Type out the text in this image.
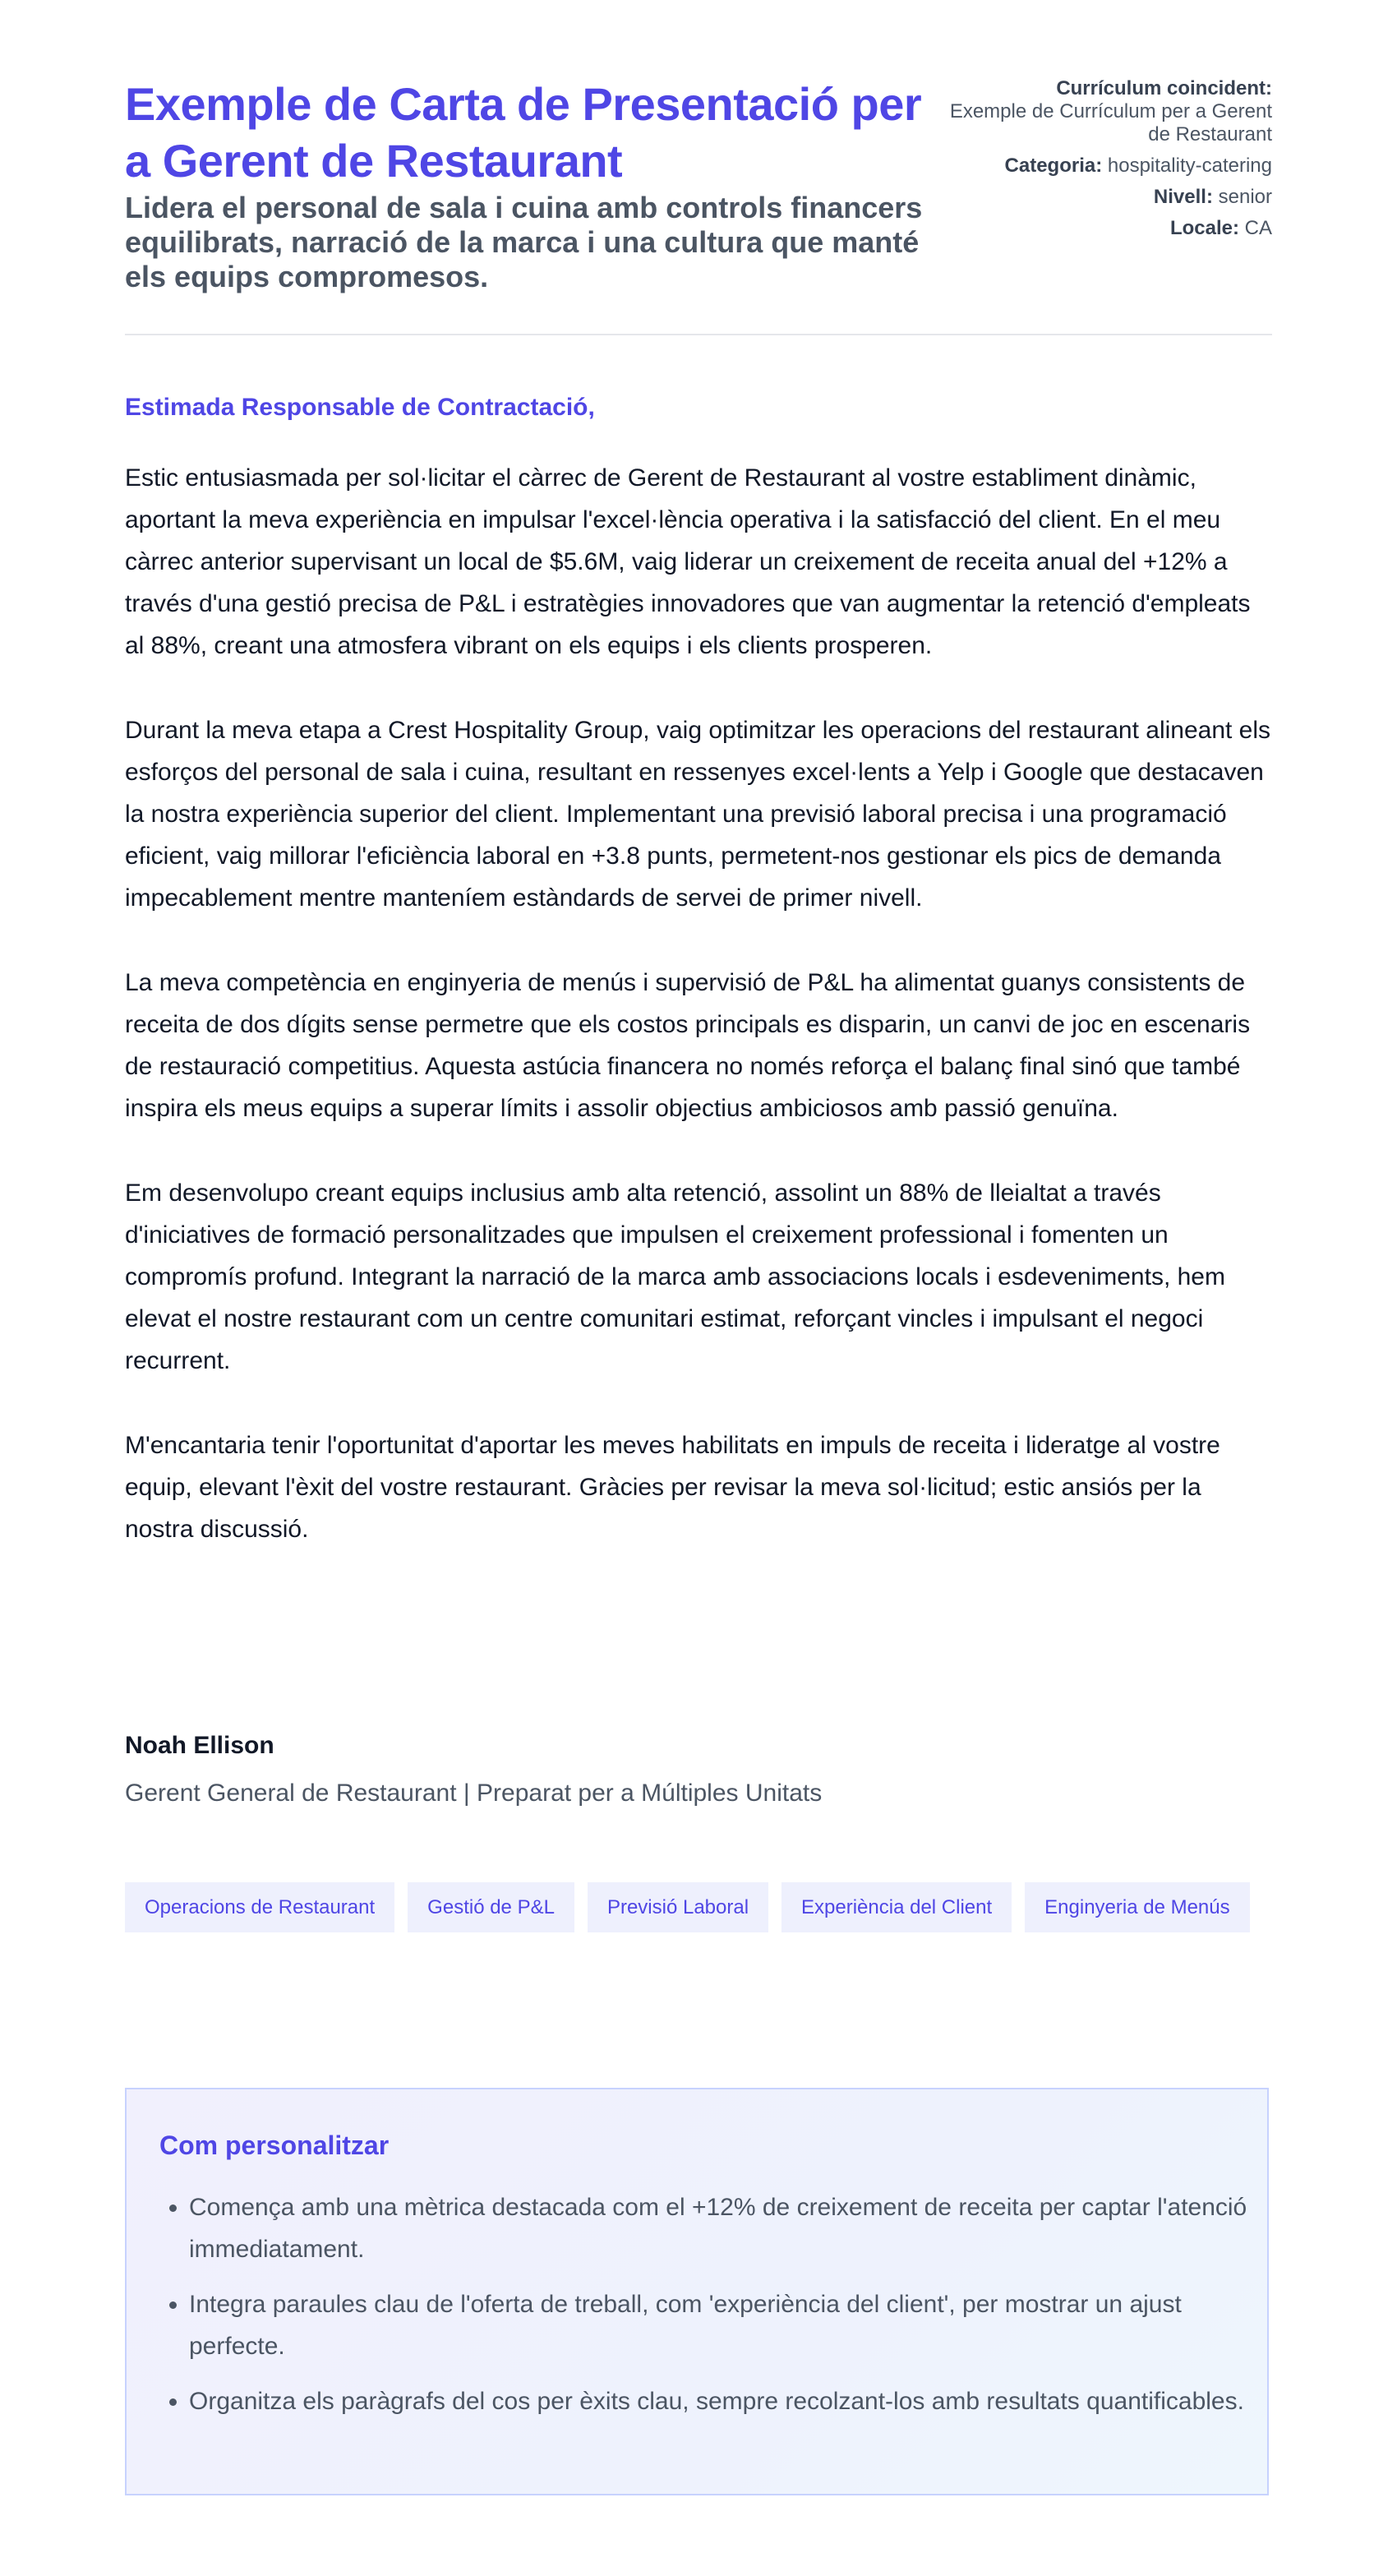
Exemple de Carta de Presentació per a Gerent de Restaurant
Lidera el personal de sala i cuina amb controls financers equilibrats, narració de la marca i una cultura que manté els equips compromesos.
Currículum coincident:
Exemple de Currículum per a Gerent de Restaurant
Categoria: hospitality-catering
Nivell: senior
Locale: CA

Estimada Responsable de Contractació,

Estic entusiasmada per sol·licitar el càrrec de Gerent de Restaurant al vostre establiment dinàmic, aportant la meva experiència en impulsar l'excel·lència operativa i la satisfacció del client. En el meu càrrec anterior supervisant un local de $5.6M, vaig liderar un creixement de receita anual del +12% a través d'una gestió precisa de P&L i estratègies innovadores que van augmentar la retenció d'empleats al 88%, creant una atmosfera vibrant on els equips i els clients prosperen.

Durant la meva etapa a Crest Hospitality Group, vaig optimitzar les operacions del restaurant alineant els esforços del personal de sala i cuina, resultant en ressenyes excel·lents a Yelp i Google que destacaven la nostra experiència superior del client. Implementant una previsió laboral precisa i una programació eficient, vaig millorar l'eficiència laboral en +3.8 punts, permetent-nos gestionar els pics de demanda impecablement mentre manteníem estàndards de servei de primer nivell.

La meva competència en enginyeria de menús i supervisió de P&L ha alimentat guanys consistents de receita de dos dígits sense permetre que els costos principals es disparin, un canvi de joc en escenaris de restauració competitius. Aquesta astúcia financera no només reforça el balanç final sinó que també inspira els meus equips a superar límits i assolir objectius ambiciosos amb passió genuïna.

Em desenvolupo creant equips inclusius amb alta retenció, assolint un 88% de lleialtat a través d'iniciatives de formació personalitzades que impulsen el creixement professional i fomenten un compromís profund. Integrant la narració de la marca amb associacions locals i esdeveniments, hem elevat el nostre restaurant com un centre comunitari estimat, reforçant vincles i impulsant el negoci recurrent.

M'encantaria tenir l'oportunitat d'aportar les meves habilitats en impuls de receita i lideratge al vostre equip, elevant l'èxit del vostre restaurant. Gràcies per revisar la meva sol·licitud; estic ansiós per la nostra discussió.

Noah Ellison

Gerent General de Restaurant | Preparat per a Múltiples Unitats

Operacions de Restaurant	Gestió de P&L	Previsió Laboral	Experiència del Client	Enginyeria de Menús
Com personalitzar
• Comença amb una mètrica destacada com el +12% de creixement de receita per captar l'atenció immediatament.
• Integra paraules clau de l'oferta de treball, com 'experiència del client', per mostrar un ajust perfecte.
• Organitza els paràgrafs del cos per èxits clau, sempre recolzant-los amb resultats quantificables.
